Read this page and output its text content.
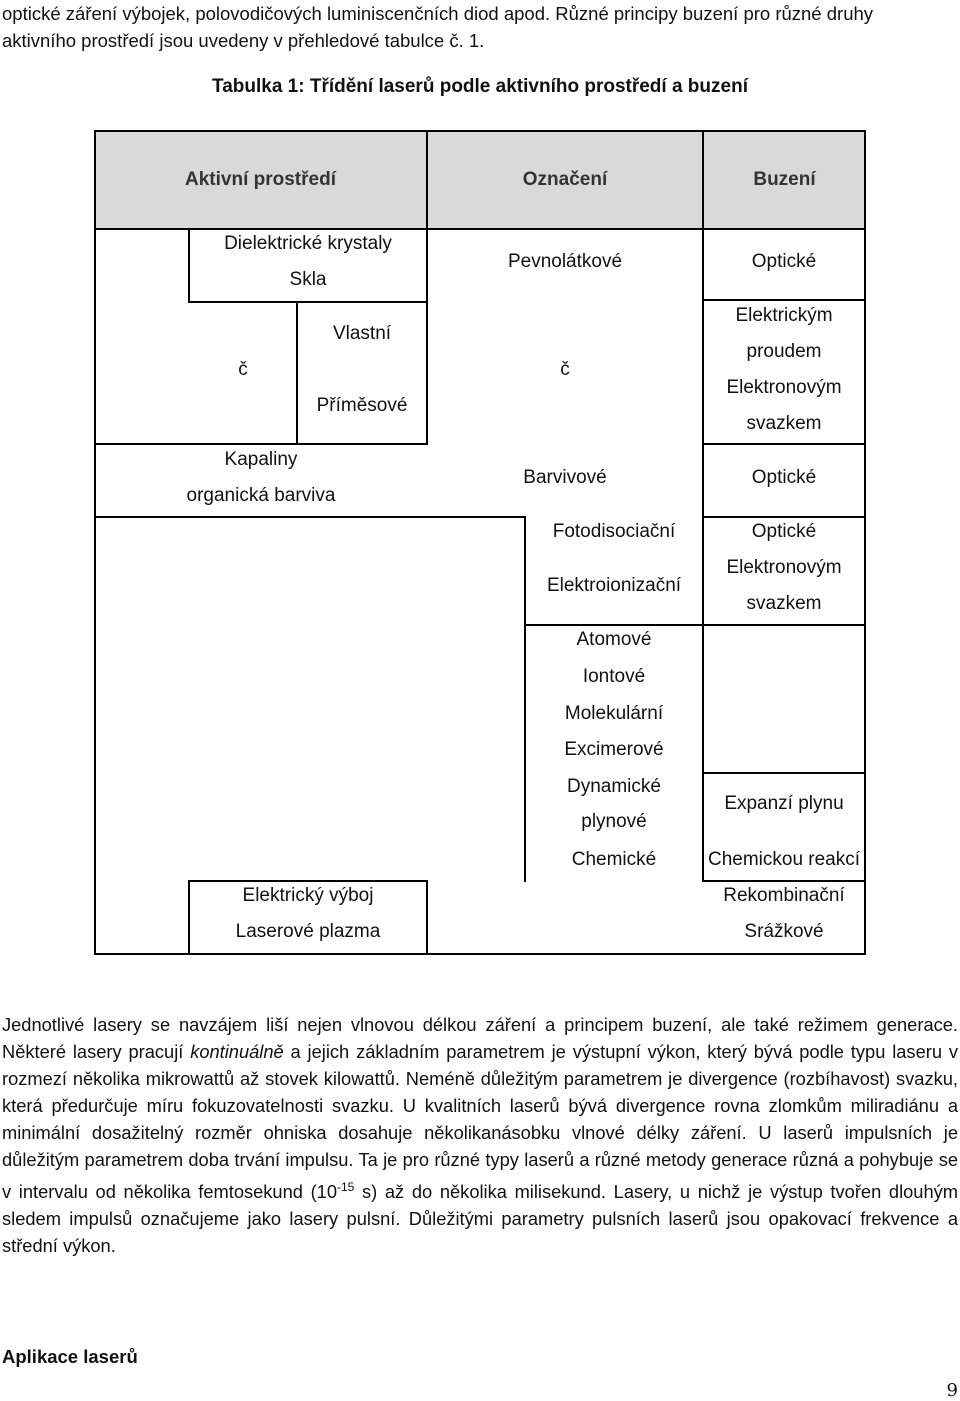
optické záření výbojek, polovodičových luminiscenčních diod apod. Různé principy buzení pro různé druhy

aktivního prostředí jsou uvedeny v přehledové tabulce č. 1.

Tabulka 1: Třídění laserů podle aktivního prostředí a buzení
Aktivní prostředí	Označení	Buzení
Dielektrické krystaly
Skla
č
Vlastní
Příměsové
Kapaliny
organická barviva
Elektrický výboj
Laserové plazma
Pevnolátkové
č
Barvivové
Fotodisociační
Elektroionizační
Atomové
Iontové
Molekulární
Excimerové
Dynamické
plynové
Chemické
Optické
Elektrickým
proudem
Elektronovým
svazkem
Optické
Optické
Elektronovým
svazkem
Expanzí plynu
Chemickou reakcí
Rekombinační
Srážkové

Jednotlivé lasery se navzájem liší nejen vlnovou délkou záření a principem buzení, ale také režimem generace. Některé lasery pracují kontinuálně a jejich základním parametrem je výstupní výkon, který bývá podle typu laseru v rozmezí několika mikrowattů až stovek kilowattů. Neméně důležitým parametrem je divergence (rozbíhavost) svazku, která předurčuje míru fokuzovatelnosti svazku. U kvalitních laserů bývá divergence rovna zlomkům miliradiánu a minimální dosažitelný rozměr ohniska dosahuje několikanásobku vlnové délky záření. U laserů impulsních je důležitým parametrem doba trvání impulsu. Ta je pro různé typy laserů a různé metody generace různá a pohybuje se v intervalu od několika femtosekund ($10^{-15}$ s) až do několika milisekund. Lasery, u nichž je výstup tvořen dlouhým sledem impulsů označujeme jako lasery pulsní. Důležitými parametry pulsních laserů jsou opakovací frekvence a střední výkon.

Aplikace laserů
9
